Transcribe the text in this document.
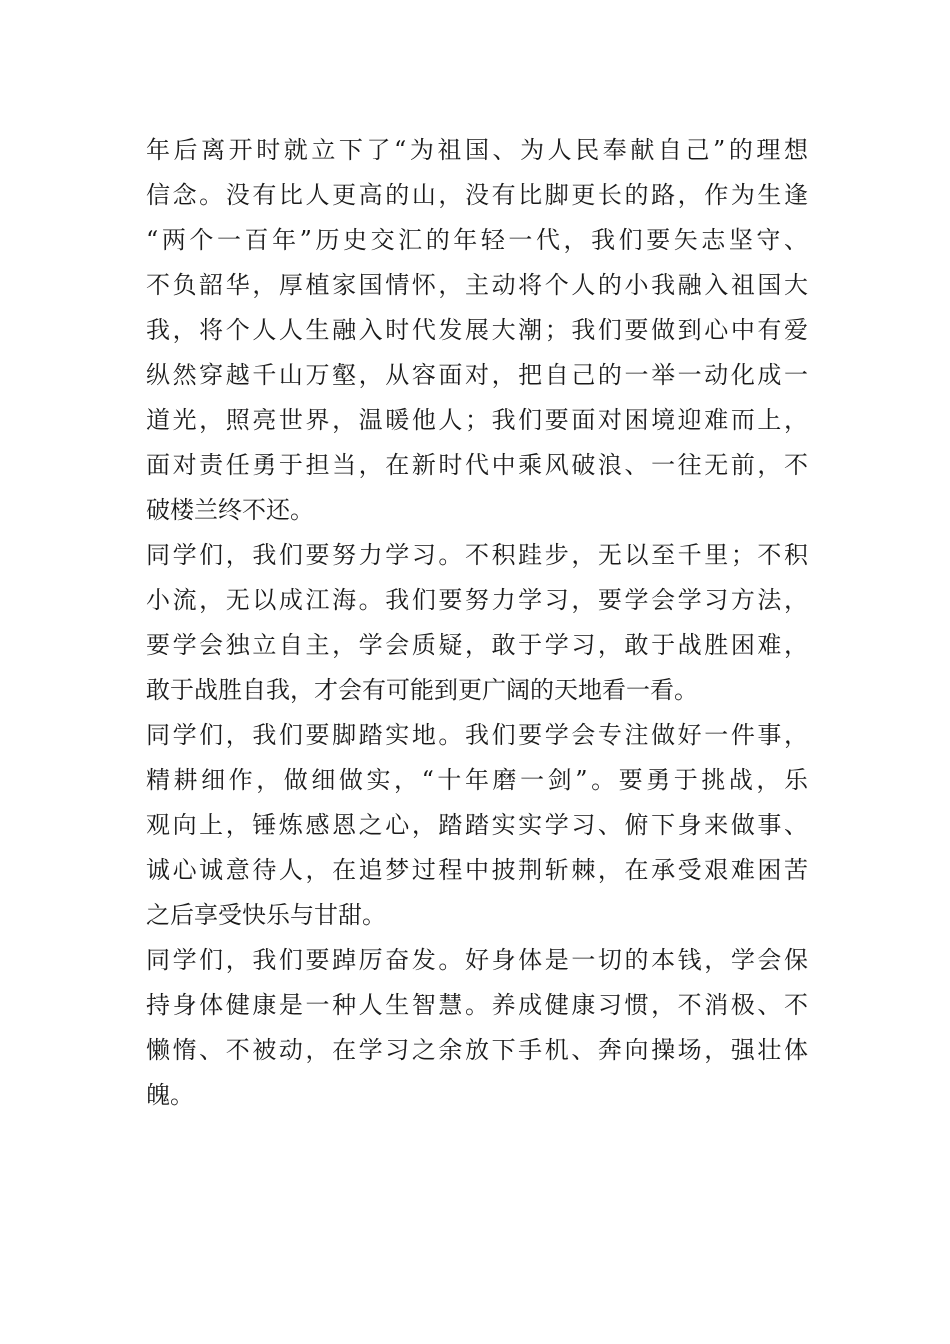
年后离开时就立下了“为祖国、为人民奉献自己”的理想
信念。没有比人更高的山，没有比脚更长的路，作为生逢
“两个一百年”历史交汇的年轻一代，我们要矢志坚守、
不负韶华，厚植家国情怀，主动将个人的小我融入祖国大
我，将个人人生融入时代发展大潮；我们要做到心中有爱
纵然穿越千山万壑，从容面对，把自己的一举一动化成一
道光，照亮世界，温暖他人；我们要面对困境迎难而上，
面对责任勇于担当，在新时代中乘风破浪、一往无前，不
破楼兰终不还。
同学们，我们要努力学习。不积跬步，无以至千里；不积
小流，无以成江海。我们要努力学习，要学会学习方法，
要学会独立自主，学会质疑，敢于学习，敢于战胜困难，
敢于战胜自我，才会有可能到更广阔的天地看一看。
同学们，我们要脚踏实地。我们要学会专注做好一件事，
精耕细作，做细做实，“十年磨一剑”。要勇于挑战，乐
观向上，锤炼感恩之心，踏踏实实学习、俯下身来做事、
诚心诚意待人，在追梦过程中披荆斩棘，在承受艰难困苦
之后享受快乐与甘甜。
同学们，我们要踔厉奋发。好身体是一切的本钱，学会保
持身体健康是一种人生智慧。养成健康习惯，不消极、不
懒惰、不被动，在学习之余放下手机、奔向操场，强壮体
魄。
